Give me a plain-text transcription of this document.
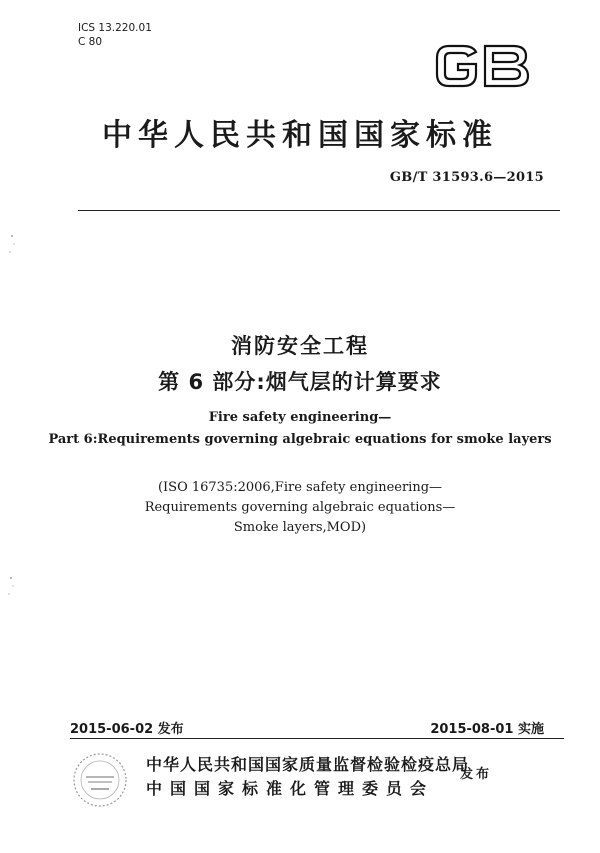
ICS 13.220.01
C 80
中华人民共和国国家标准
GB/T 31593.6—2015
消防安全工程
第 6 部分:烟气层的计算要求
Fire safety engineering—
Part 6:Requirements governing algebraic equations for smoke layers
(ISO 16735:2006,Fire safety engineering—
Requirements governing algebraic equations—
Smoke layers,MOD)
2015-06-02 发布	2015-08-01 实施
中华人民共和国国家质量监督检验检疫总局
中国国家标准化管理委员会
发布
